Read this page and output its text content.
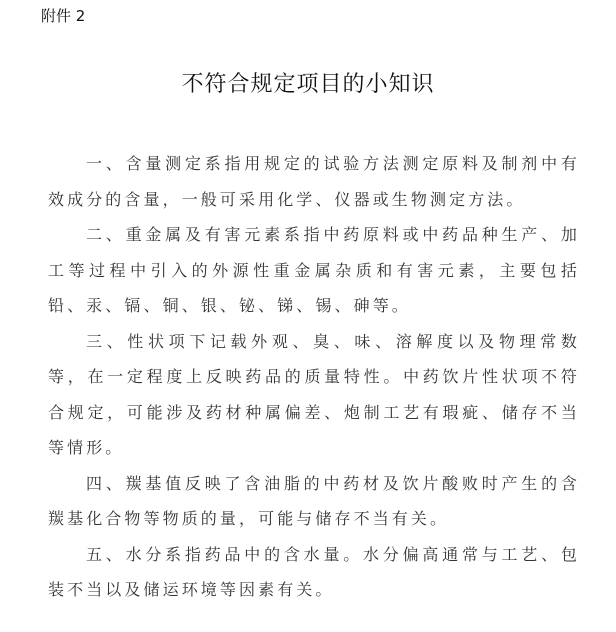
附件 2
不符合规定项目的小知识

一、含量测定系指用规定的试验方法测定原料及制剂中有效成分的含量，一般可采用化学、仪器或生物测定方法。

二、重金属及有害元素系指中药原料或中药品种生产、加工等过程中引入的外源性重金属杂质和有害元素，主要包括铅、汞、镉、铜、银、铋、锑、锡、砷等。

三、性状项下记载外观、臭、味、溶解度以及物理常数等，在一定程度上反映药品的质量特性。中药饮片性状项不符合规定，可能涉及药材种属偏差、炮制工艺有瑕疵、储存不当等情形。

四、羰基值反映了含油脂的中药材及饮片酸败时产生的含羰基化合物等物质的量，可能与储存不当有关。

五、水分系指药品中的含水量。水分偏高通常与工艺、包装不当以及储运环境等因素有关。
